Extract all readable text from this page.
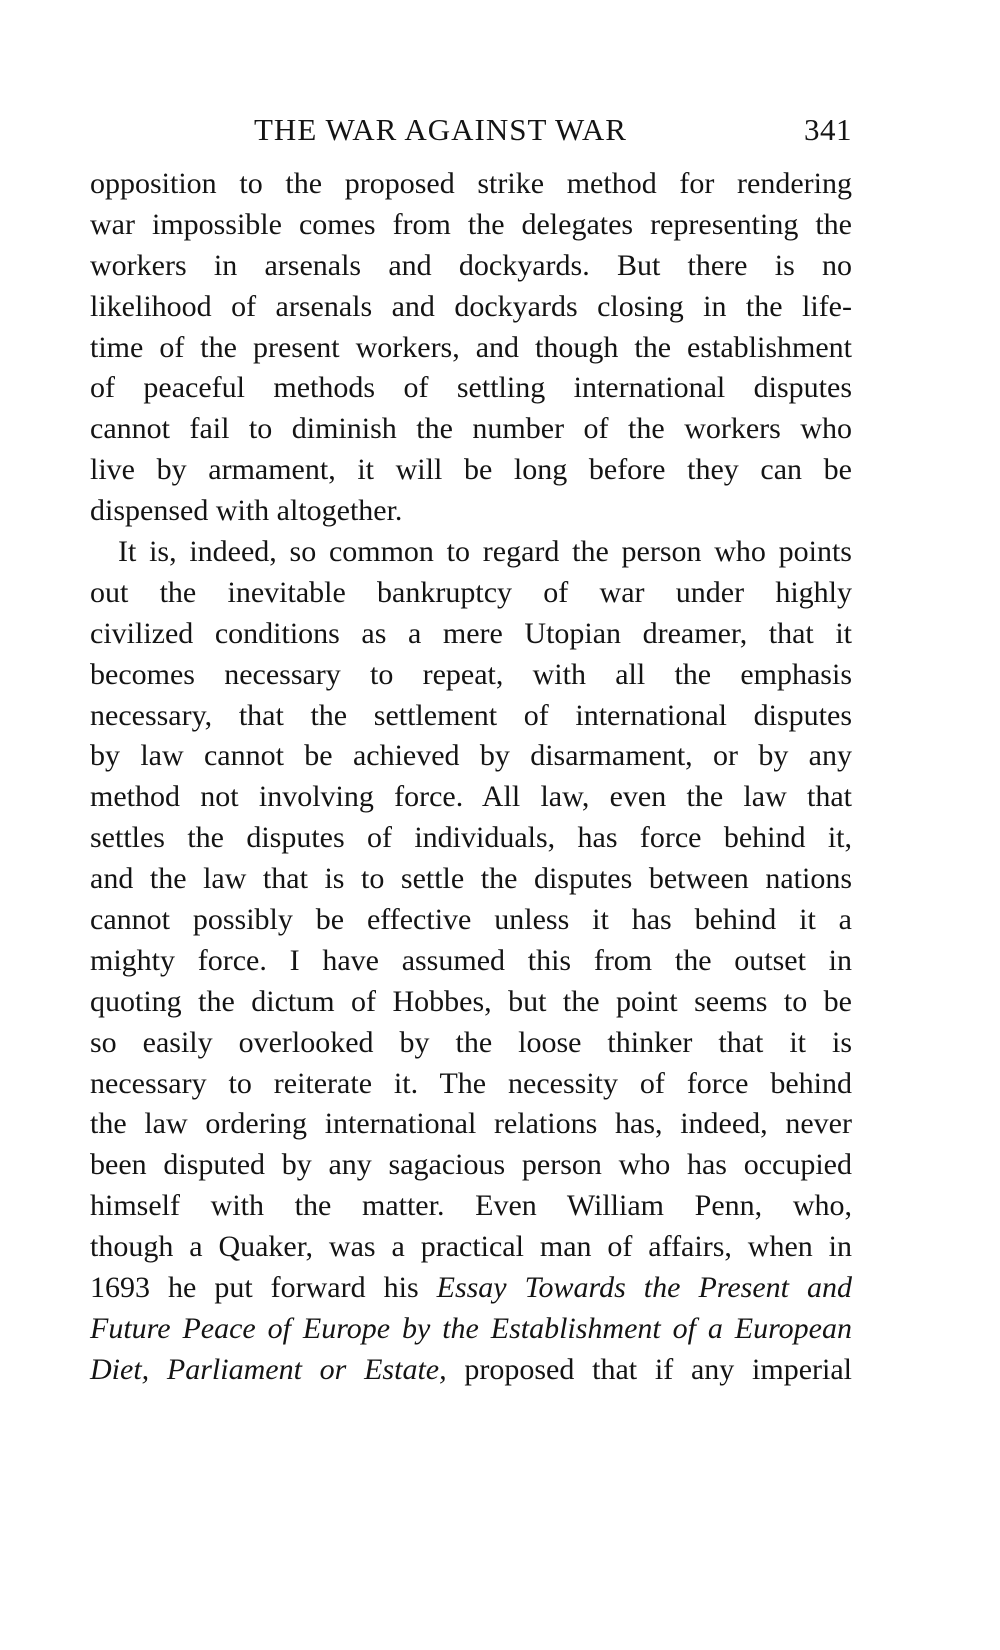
THE WAR AGAINST WAR	341

opposition to the proposed strike method for rendering
war impossible comes from the delegates representing the
workers in arsenals and dockyards. But there is no
likelihood of arsenals and dockyards closing in the life-
time of the present workers, and though the establishment
of peaceful methods of settling international disputes
cannot fail to diminish the number of the workers who
live by armament, it will be long before they can be
dispensed with altogether.

It is, indeed, so common to regard the person who points
out the inevitable bankruptcy of war under highly
civilized conditions as a mere Utopian dreamer, that it
becomes necessary to repeat, with all the emphasis
necessary, that the settlement of international disputes
by law cannot be achieved by disarmament, or by any
method not involving force. All law, even the law that
settles the disputes of individuals, has force behind it,
and the law that is to settle the disputes between nations
cannot possibly be effective unless it has behind it a
mighty force. I have assumed this from the outset in
quoting the dictum of Hobbes, but the point seems to be
so easily overlooked by the loose thinker that it is
necessary to reiterate it. The necessity of force behind
the law ordering international relations has, indeed, never
been disputed by any sagacious person who has occupied
himself with the matter. Even William Penn, who,
though a Quaker, was a practical man of affairs, when in
1693 he put forward his Essay Towards the Present and
Future Peace of Europe by the Establishment of a European
Diet, Parliament or Estate, proposed that if any imperial
